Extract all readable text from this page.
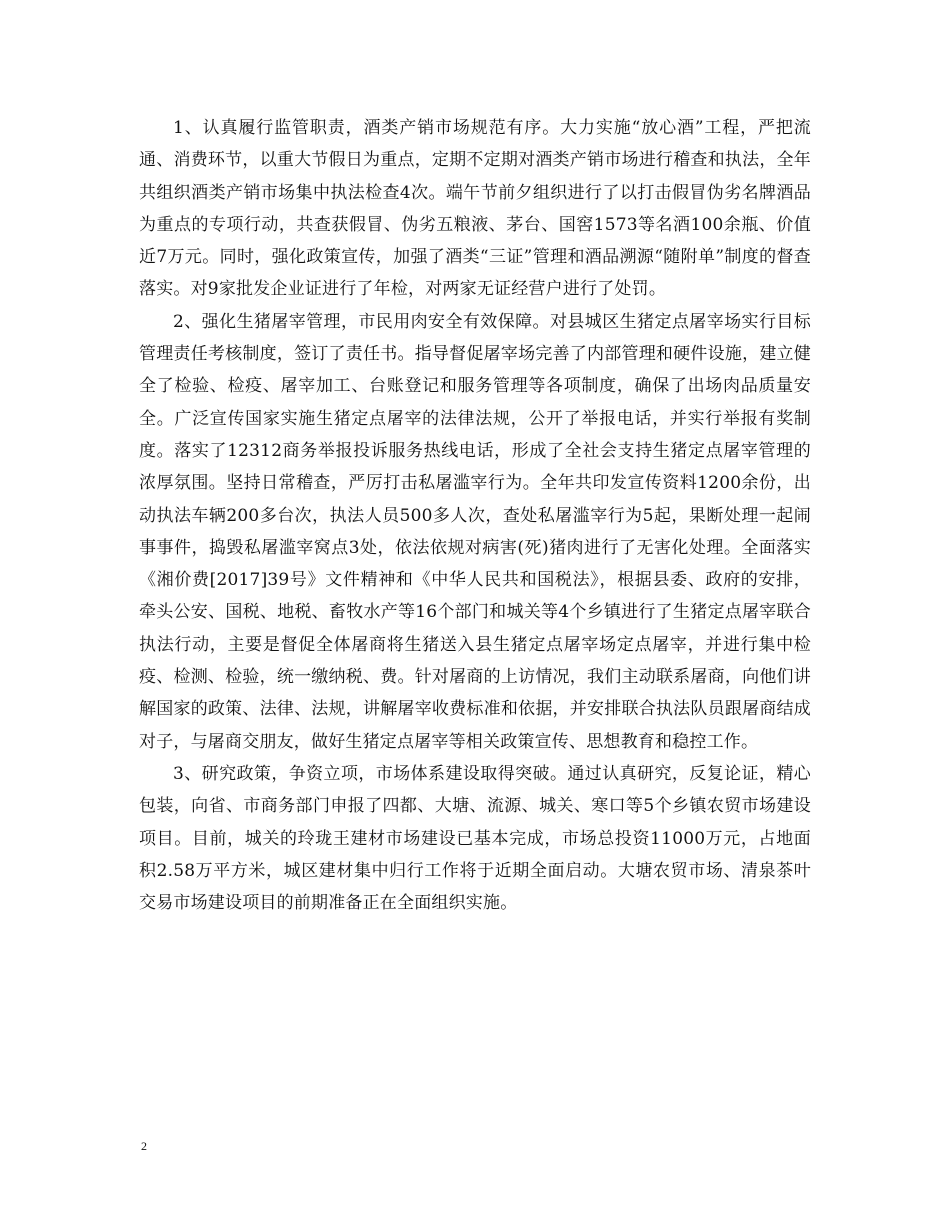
1、认真履行监管职责，酒类产销市场规范有序。大力实施“放心酒”工程，严把流通、消费环节，以重大节假日为重点，定期不定期对酒类产销市场进行稽查和执法，全年共组织酒类产销市场集中执法检查4次。端午节前夕组织进行了以打击假冒伪劣名牌酒品为重点的专项行动，共查获假冒、伪劣五粮液、茅台、国窖1573等名酒100余瓶、价值近7万元。同时，强化政策宣传，加强了酒类“三证”管理和酒品溯源“随附单”制度的督查落实。对9家批发企业证进行了年检，对两家无证经营户进行了处罚。

2、强化生猪屠宰管理，市民用肉安全有效保障。对县城区生猪定点屠宰场实行目标管理责任考核制度，签订了责任书。指导督促屠宰场完善了内部管理和硬件设施，建立健全了检验、检疫、屠宰加工、台账登记和服务管理等各项制度，确保了出场肉品质量安全。广泛宣传国家实施生猪定点屠宰的法律法规，公开了举报电话，并实行举报有奖制度。落实了12312商务举报投诉服务热线电话，形成了全社会支持生猪定点屠宰管理的浓厚氛围。坚持日常稽查，严厉打击私屠滥宰行为。全年共印发宣传资料1200余份，出动执法车辆200多台次，执法人员500多人次，查处私屠滥宰行为5起，果断处理一起闹事事件，捣毁私屠滥宰窝点3处，依法依规对病害(死)猪肉进行了无害化处理。全面落实《湘价费[2017]39号》文件精神和《中华人民共和国税法》，根据县委、政府的安排，牵头公安、国税、地税、畜牧水产等16个部门和城关等4个乡镇进行了生猪定点屠宰联合执法行动，主要是督促全体屠商将生猪送入县生猪定点屠宰场定点屠宰，并进行集中检疫、检测、检验，统一缴纳税、费。针对屠商的上访情况，我们主动联系屠商，向他们讲解国家的政策、法律、法规，讲解屠宰收费标准和依据，并安排联合执法队员跟屠商结成对子，与屠商交朋友，做好生猪定点屠宰等相关政策宣传、思想教育和稳控工作。

3、研究政策，争资立项，市场体系建设取得突破。通过认真研究，反复论证，精心包装，向省、市商务部门申报了四都、大塘、流源、城关、寒口等5个乡镇农贸市场建设项目。目前，城关的玲珑王建材市场建设已基本完成，市场总投资11000万元，占地面积2.58万平方米，城区建材集中归行工作将于近期全面启动。大塘农贸市场、清泉茶叶交易市场建设项目的前期准备正在全面组织实施。

2
